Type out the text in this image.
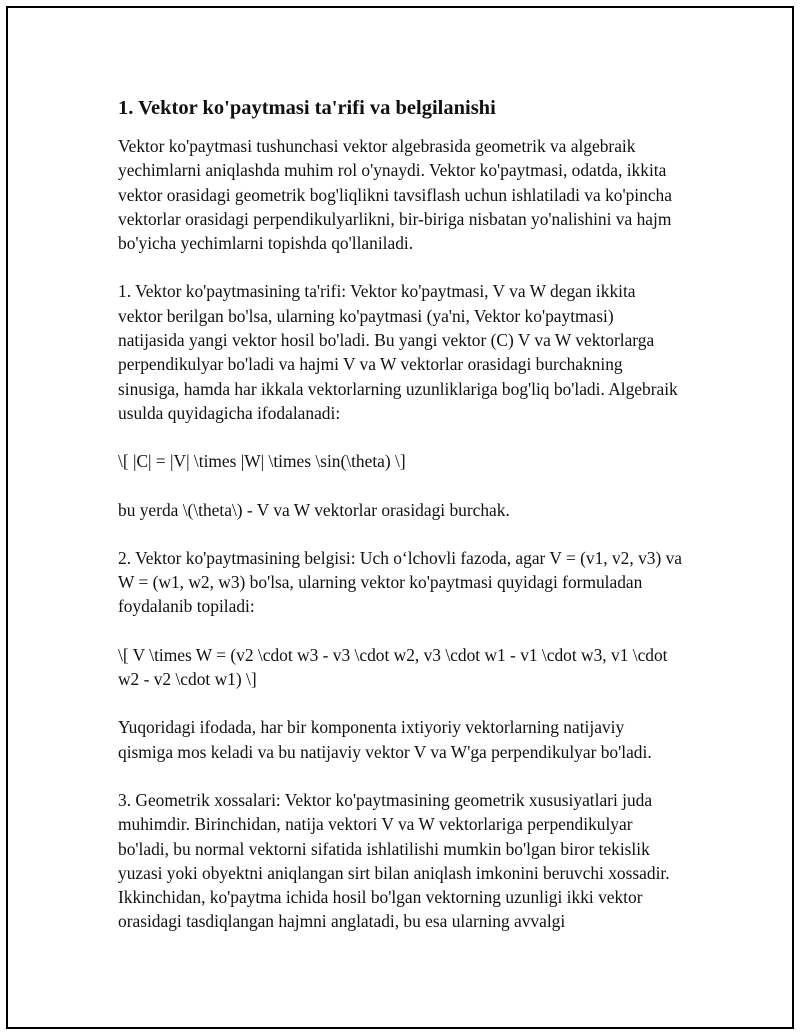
1. Vektor ko'paytmasi ta'rifi va belgilanishi

Vektor ko'paytmasi tushunchasi vektor algebrasida geometrik va algebraik yechimlarni aniqlashda muhim rol o'ynaydi. Vektor ko'paytmasi, odatda, ikkita vektor orasidagi geometrik bog'liqlikni tavsiflash uchun ishlatiladi va ko'pincha vektorlar orasidagi perpendikulyarlikni, bir-biriga nisbatan yo'nalishini va hajm bo'yicha yechimlarni topishda qo'llaniladi.

1. Vektor ko'paytmasining ta'rifi: Vektor ko'paytmasi, V va W degan ikkita vektor berilgan bo'lsa, ularning ko'paytmasi (ya'ni, Vektor ko'paytmasi) natijasida yangi vektor hosil bo'ladi. Bu yangi vektor (C) V va W vektorlarga perpendikulyar bo'ladi va hajmi V va W vektorlar orasidagi burchakning sinusiga, hamda har ikkala vektorlarning uzunliklariga bog'liq bo'ladi. Algebraik usulda quyidagicha ifodalanadi:

\[ |C| = |V| \times |W| \times \sin(\theta) \]

bu yerda \(\theta\) - V va W vektorlar orasidagi burchak.

2. Vektor ko'paytmasining belgisi: Uch o‘lchovli fazoda, agar V = (v1, v2, v3) va W = (w1, w2, w3) bo'lsa, ularning vektor ko'paytmasi quyidagi formuladan foydalanib topiladi:

\[ V \times W = (v2 \cdot w3 - v3 \cdot w2, v3 \cdot w1 - v1 \cdot w3, v1 \cdot w2 - v2 \cdot w1) \]

Yuqoridagi ifodada, har bir komponenta ixtiyoriy vektorlarning natijaviy qismiga mos keladi va bu natijaviy vektor V va W'ga perpendikulyar bo'ladi.

3. Geometrik xossalari: Vektor ko'paytmasining geometrik xususiyatlari juda muhimdir. Birinchidan, natija vektori V va W vektorlariga perpendikulyar bo'ladi, bu normal vektorni sifatida ishlatilishi mumkin bo'lgan biror tekislik yuzasi yoki obyektni aniqlangan sirt bilan aniqlash imkonini beruvchi xossadir. Ikkinchidan, ko'paytma ichida hosil bo'lgan vektorning uzunligi ikki vektor orasidagi tasdiqlangan hajmni anglatadi, bu esa ularning avvalgi
